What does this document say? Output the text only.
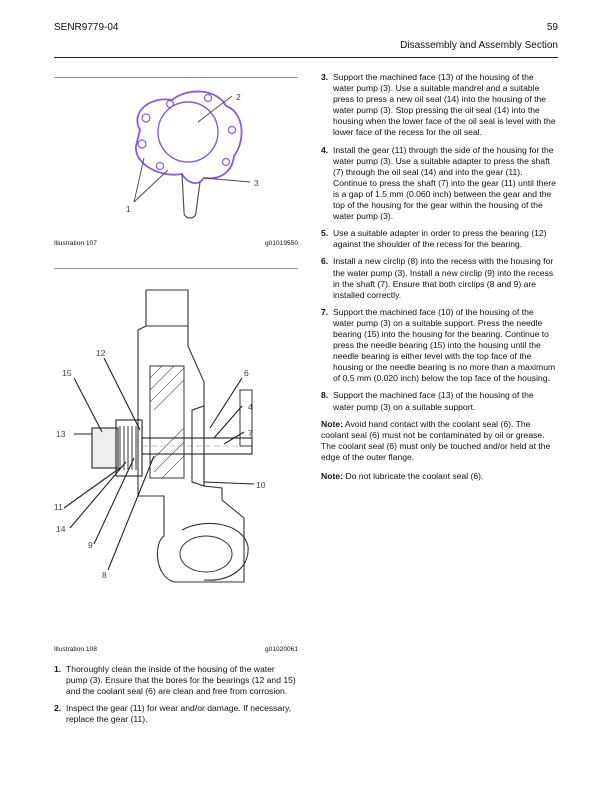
SENR9779-04	59
Disassembly and Assembly Section
2
3
1
Illustration 107	g01019550
12
15	6
4
13	7
10
11
14
9
8
Illustration 108	g01020061
1. Thoroughly clean the inside of the housing of the water pump (3). Ensure that the bores for the bearings (12 and 15) and the coolant seal (6) are clean and free from corrosion.
2. Inspect the gear (11) for wear and/or damage. If necessary, replace the gear (11).
3. Support the machined face (13) of the housing of the water pump (3). Use a suitable mandrel and a suitable press to press a new oil seal (14) into the housing of the water pump (3). Stop pressing the oil seal (14) into the housing when the lower face of the oil seal is level with the lower face of the recess for the oil seal.
4. Install the gear (11) through the side of the housing for the water pump (3). Use a suitable adapter to press the shaft (7) through the oil seal (14) and into the gear (11). Continue to press the shaft (7) into the gear (11) until there is a gap of 1.5 mm (0.060 inch) between the gear and the top of the housing for the gear within the housing of the water pump (3).
5. Use a suitable adapter in order to press the bearing (12) against the shoulder of the recess for the bearing.
6. Install a new circlip (8) into the recess with the housing for the water pump (3). Install a new circlip (9) into the recess in the shaft (7). Ensure that both circlips (8 and 9) are installed correctly.
7. Support the machined face (10) of the housing of the water pump (3) on a suitable support. Press the needle bearing (15) into the housing for the bearing. Continue to press the needle bearing (15) into the housing until the needle bearing is either level with the top face of the housing or the needle bearing is no more than a maximum of 0.5 mm (0.020 inch) below the top face of the housing.
8. Support the machined face (13) of the housing of the water pump (3) on a suitable support.

Note: Avoid hand contact with the coolant seal (6). The coolant seal (6) must not be contaminated by oil or grease. The coolant seal (6) must only be touched and/or held at the edge of the outer flange.

Note: Do not lubricate the coolant seal (6).
